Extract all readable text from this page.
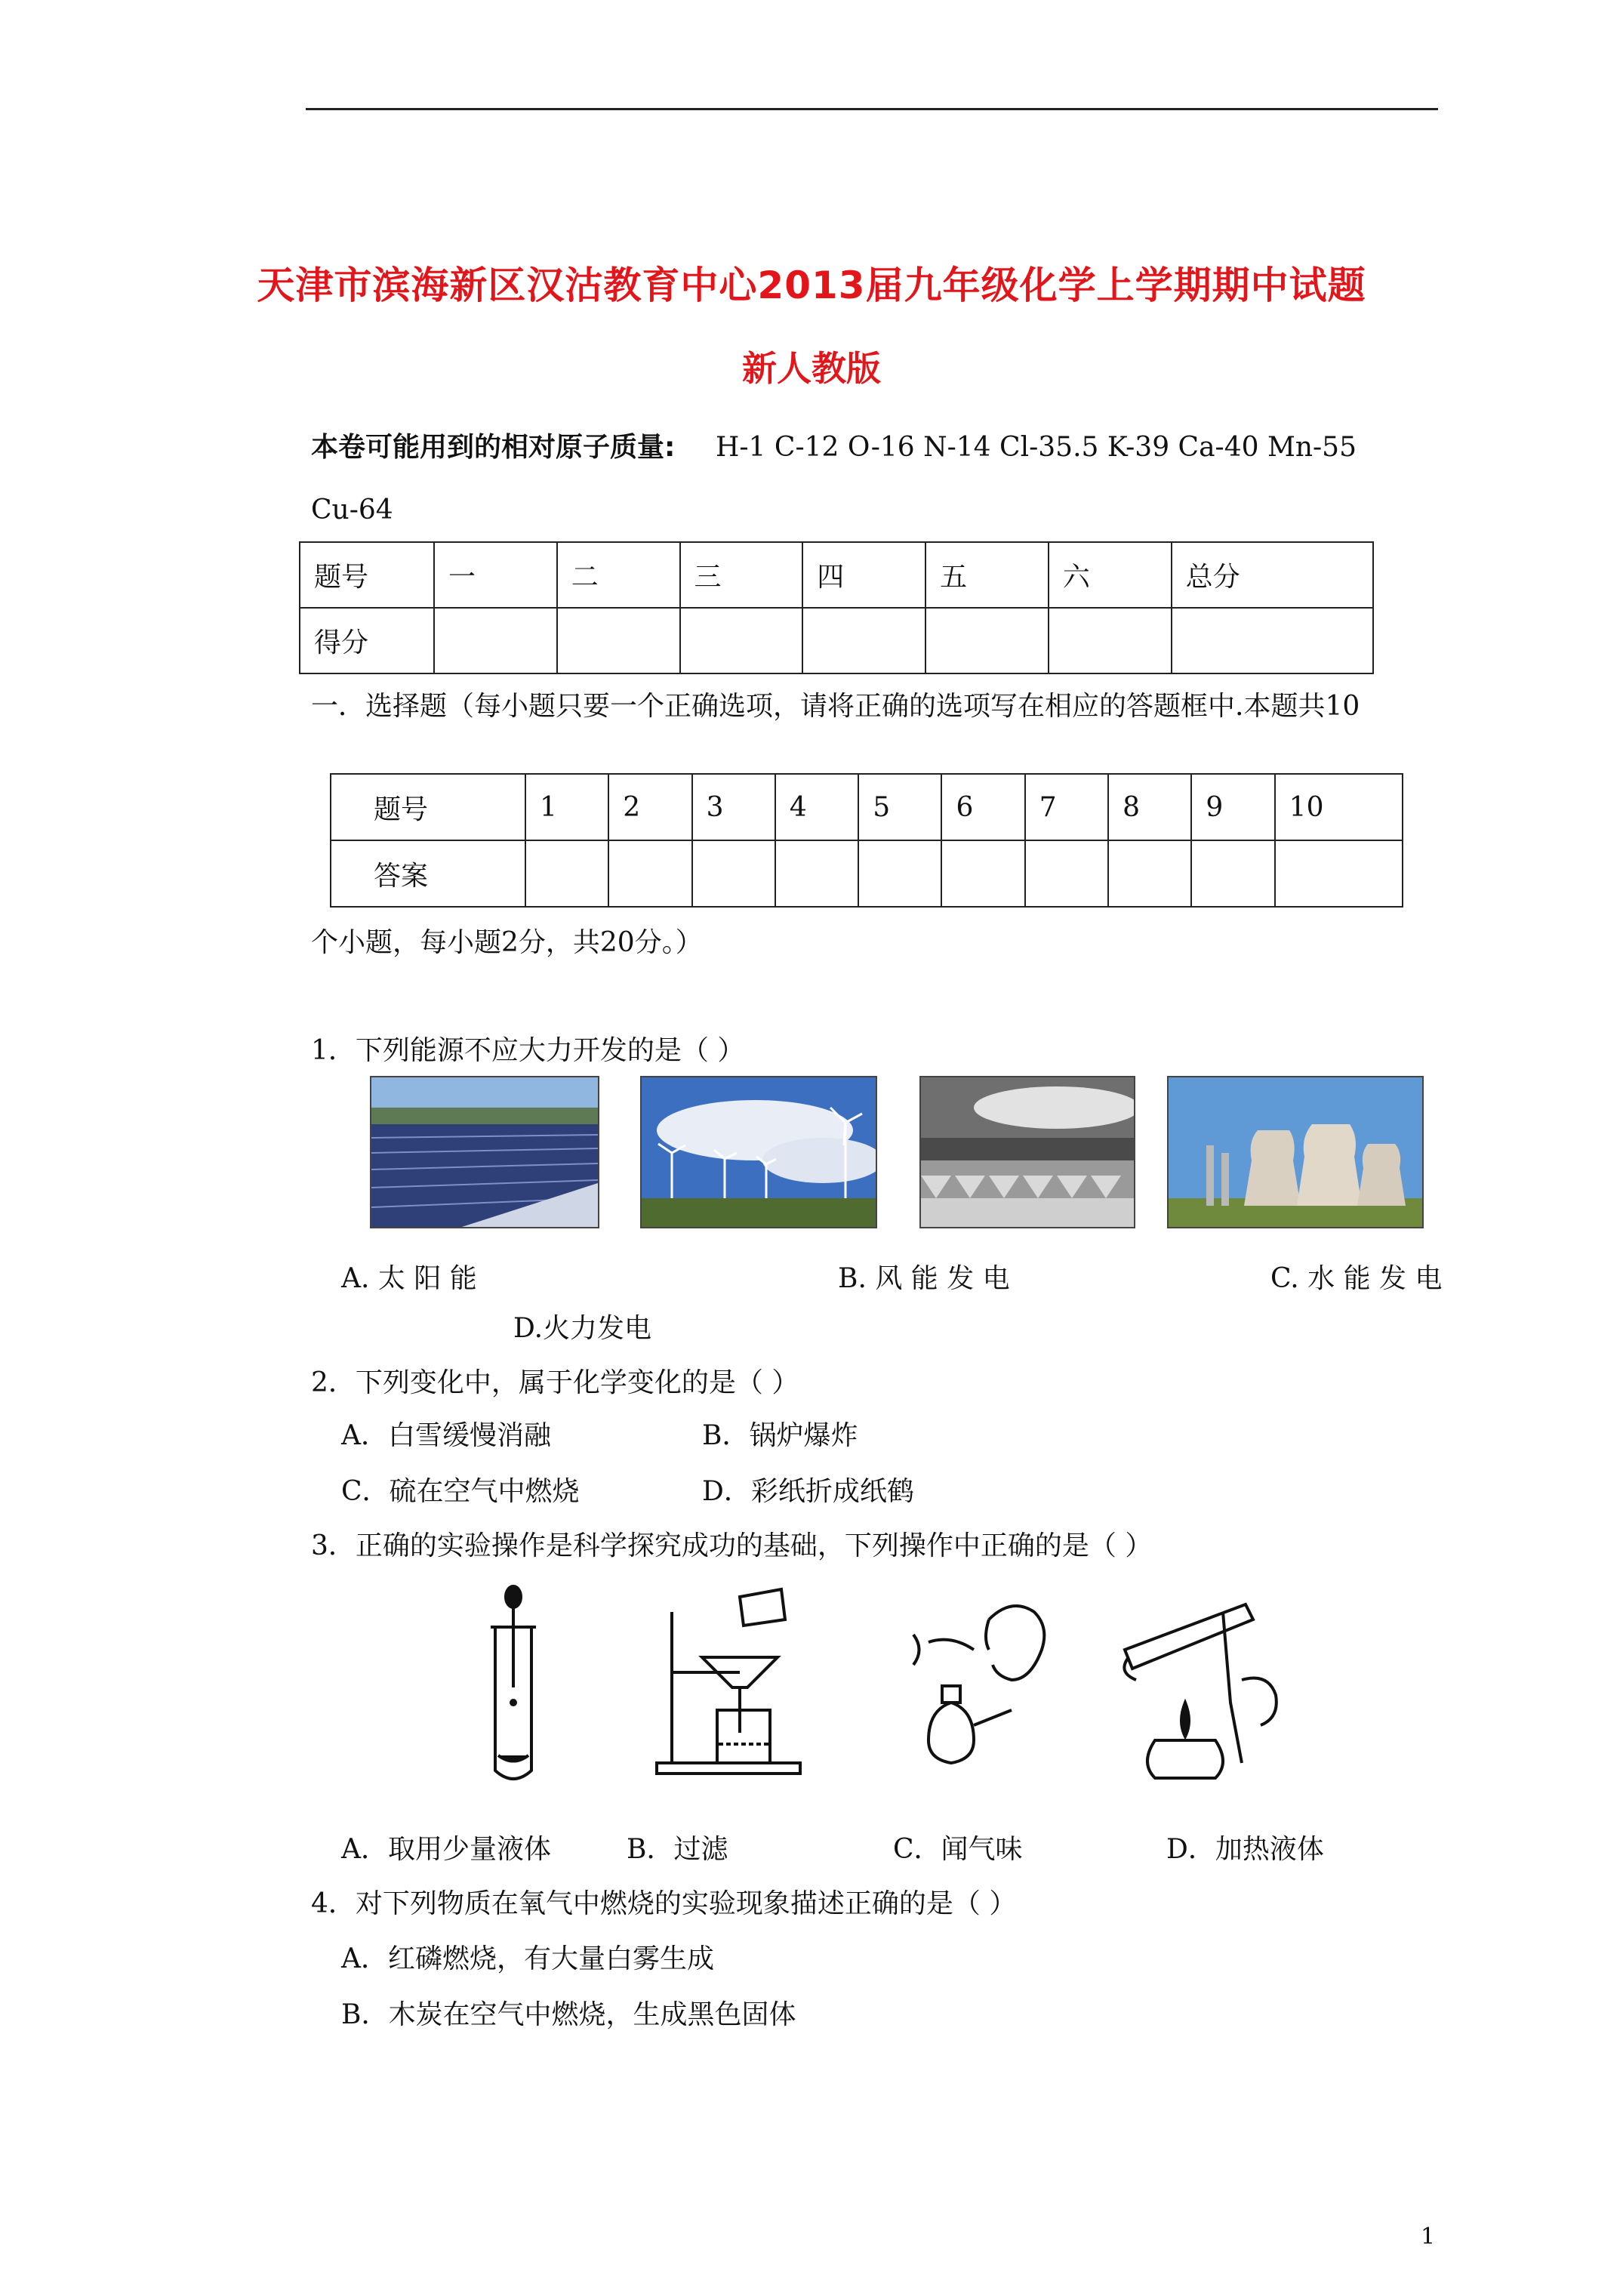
天津市滨海新区汉沽教育中心2013届九年级化学上学期期中试题
新人教版
本卷可能用到的相对原子质量: H-1 C-12 O-16 N-14 Cl-35.5 K-39 Ca-40 Mn-55
Cu-64
题号	一	二	三	四	五	六	总分
得分							
一．选择题（每小题只要一个正确选项，请将正确的选项写在相应的答题框中.本题共10
题号	1	2	3	4	5	6	7	8	9	10
答案										
个小题，每小题2分，共20分。）
1．下列能源不应大力开发的是（ ）
A. 太 阳 能	B. 风 能 发 电	C. 水 能 发 电
D.火力发电
2．下列变化中，属于化学变化的是（ ）
A．白雪缓慢消融	B．锅炉爆炸
C．硫在空气中燃烧	D．彩纸折成纸鹤
3．正确的实验操作是科学探究成功的基础，下列操作中正确的是（ ）
A．取用少量液体	B．过滤	C．闻气味	D．加热液体
4．对下列物质在氧气中燃烧的实验现象描述正确的是（ ）
A．红磷燃烧，有大量白雾生成
B．木炭在空气中燃烧，生成黑色固体
1
